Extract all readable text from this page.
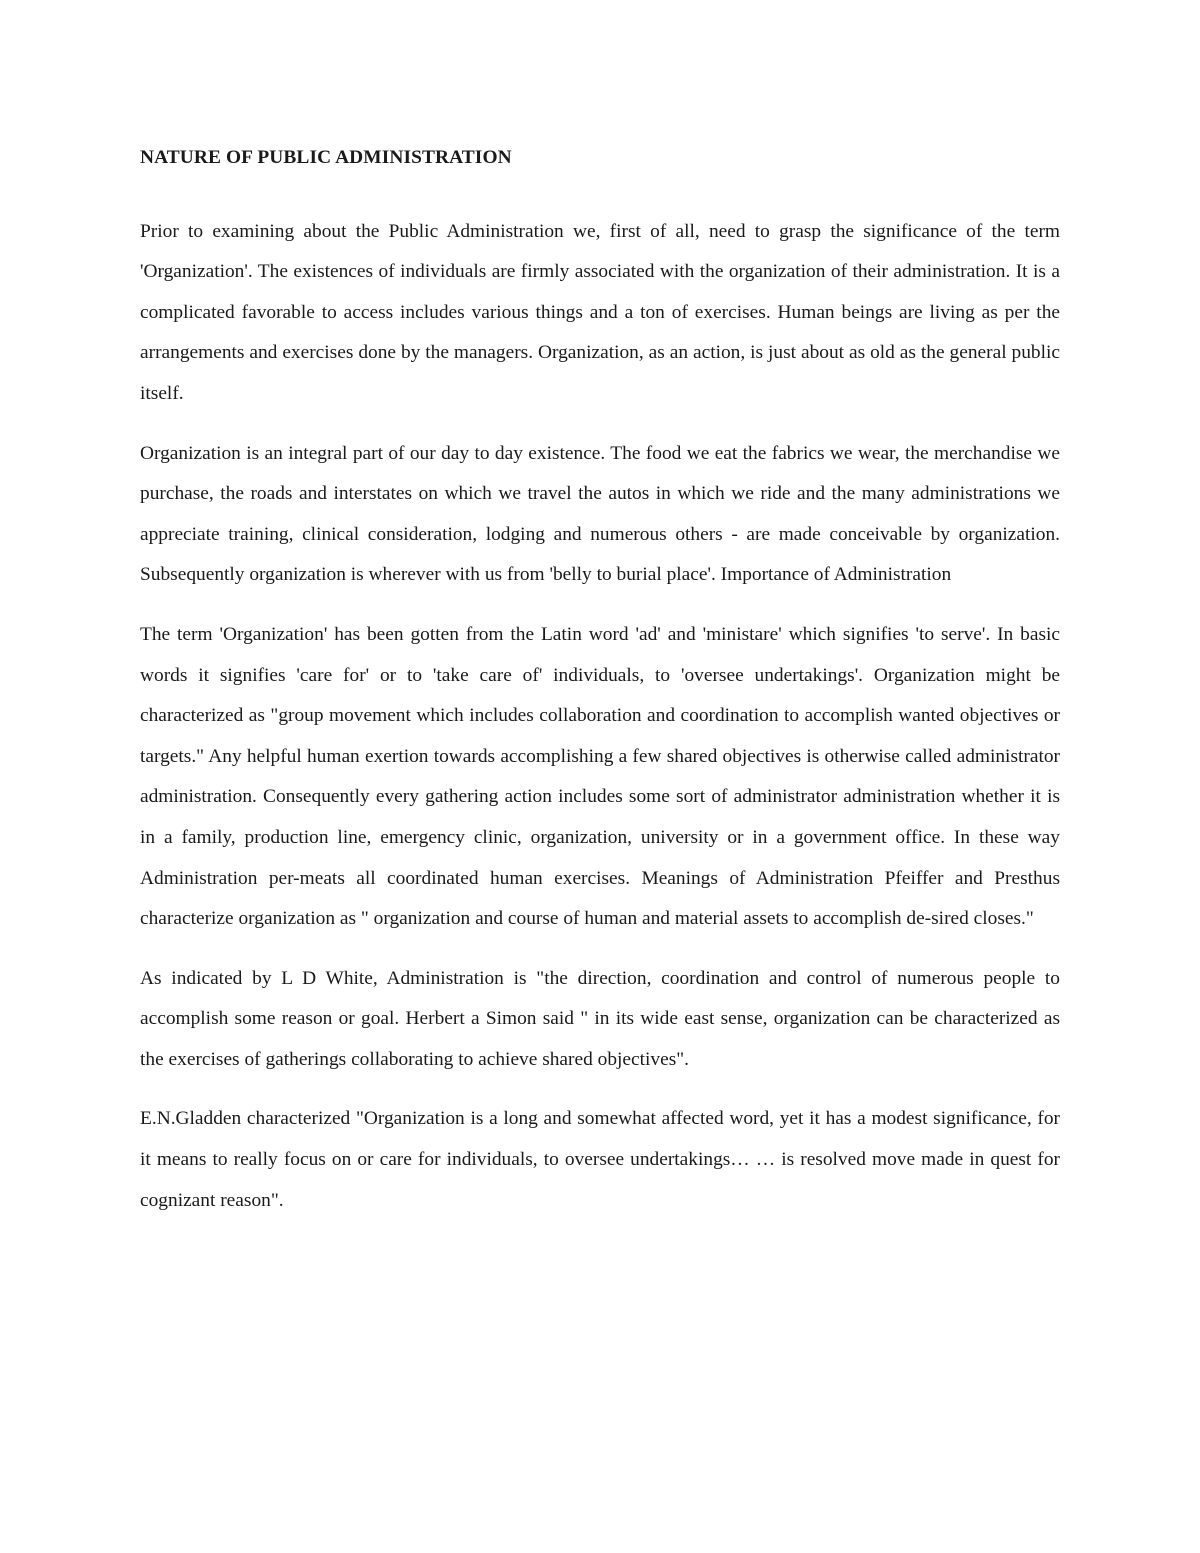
NATURE OF PUBLIC ADMINISTRATION

Prior to examining about the Public Administration we, first of all, need to grasp the significance of the term 'Organization'. The existences of individuals are firmly associated with the organization of their administration. It is a complicated favorable to access includes various things and a ton of exercises. Human beings are living as per the arrangements and exercises done by the managers. Organization, as an action, is just about as old as the general public itself.

Organization is an integral part of our day to day existence. The food we eat the fabrics we wear, the merchandise we purchase, the roads and interstates on which we travel the autos in which we ride and the many administrations we appreciate training, clinical consideration, lodging and numerous others - are made conceivable by organization. Subsequently organization is wherever with us from 'belly to burial place'. Importance of Administration

The term 'Organization' has been gotten from the Latin word 'ad' and 'ministare' which signifies 'to serve'. In basic words it signifies 'care for' or to 'take care of' individuals, to 'oversee undertakings'. Organization might be characterized as "group movement which includes collaboration and coordination to accomplish wanted objectives or targets." Any helpful human exertion towards accomplishing a few shared objectives is otherwise called administrator administration. Consequently every gathering action includes some sort of administrator administration whether it is in a family, production line, emergency clinic, organization, university or in a government office. In these way Administration per-meats all coordinated human exercises. Meanings of Administration Pfeiffer and Presthus characterize organization as " organization and course of human and material assets to accomplish de-sired closes."

As indicated by L D White, Administration is "the direction, coordination and control of numerous people to accomplish some reason or goal. Herbert a Simon said " in its wide east sense, organization can be characterized as the exercises of gatherings collaborating to achieve shared objectives".

E.N.Gladden characterized "Organization is a long and somewhat affected word, yet it has a modest significance, for it means to really focus on or care for individuals, to oversee undertakings… … is resolved move made in quest for cognizant reason".
